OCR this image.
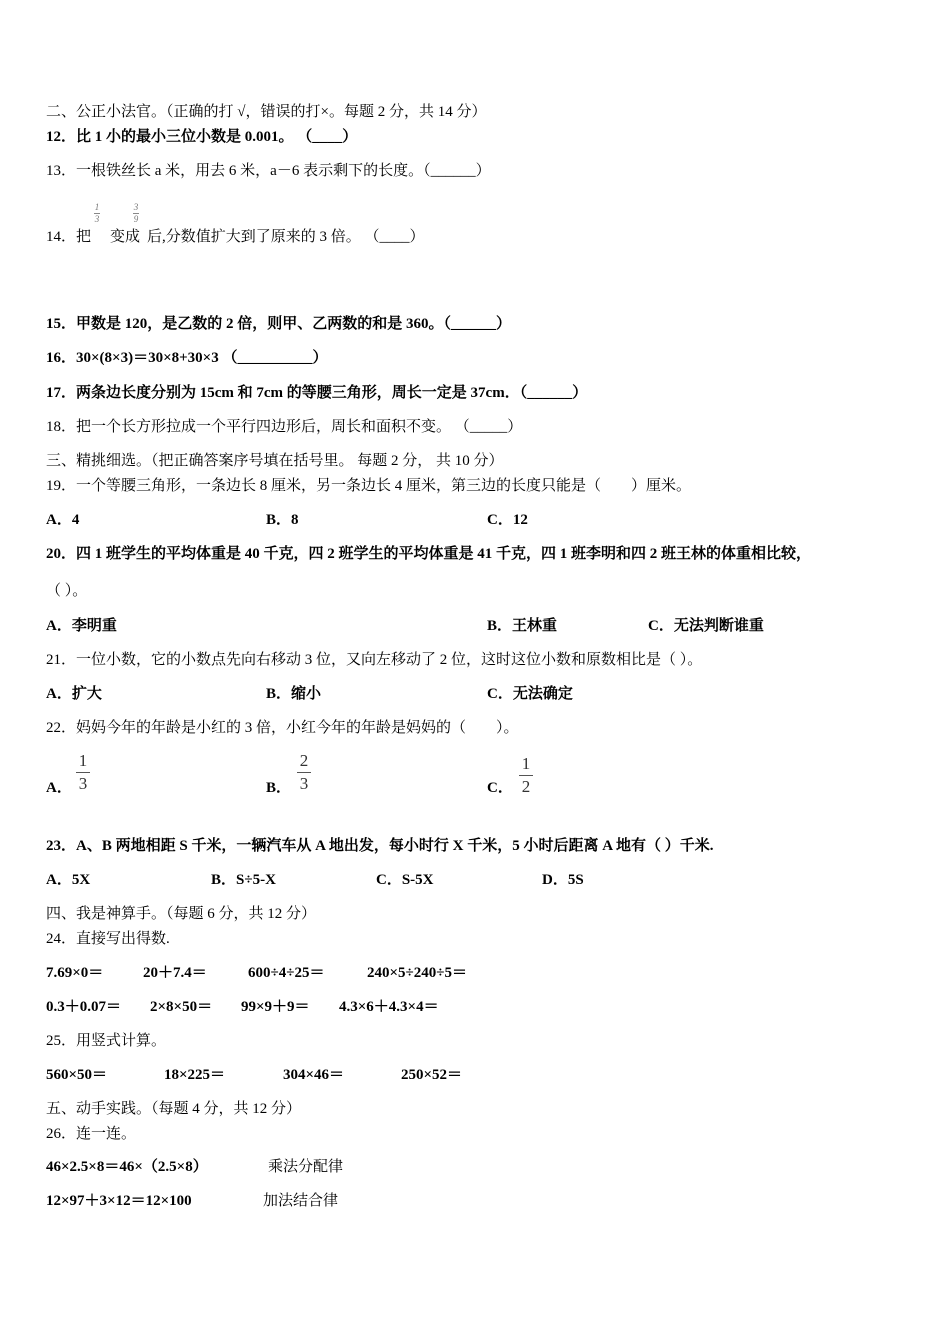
二、公正小法官。（正确的打 √，错误的打×。每题 2 分，共 14 分）
12．比 1 小的最小三位小数是 0.001。 （____）
13．一根铁丝长 a 米，用去 6 米，a－6 表示剩下的长度。（______）
14．把 变成 后,分数值扩大到了原来的 3 倍。 （____）
1
3
3
9
15．甲数是 120，是乙数的 2 倍，则甲、乙两数的和是 360。（______）
16．30×(8×3)＝30×8+30×3 （__________）
17．两条边长度分别为 15cm 和 7cm 的等腰三角形，周长一定是 37cm．（______）
18．把一个长方形拉成一个平行四边形后，周长和面积不变。 （_____）
三、精挑细选。（把正确答案序号填在括号里。 每题 2 分， 共 10 分）
19．一个等腰三角形，一条边长 8 厘米，另一条边长 4 厘米，第三边的长度只能是（　　）厘米。
A．4	B．8	C．12
20．四 1 班学生的平均体重是 40 千克，四 2 班学生的平均体重是 41 千克，四 1 班李明和四 2 班王林的体重相比较，
（ ）。
A．李明重	B．王林重	C．无法判断谁重
21．一位小数，它的小数点先向右移动 3 位，又向左移动了 2 位，这时这位小数和原数相比是（ ）。
A．扩大	B．缩小	C．无法确定
22．妈妈今年的年龄是小红的 3 倍，小红今年的年龄是妈妈的（　　）。
A．
1
3	B．
2
3	C．
1
2
23．A、B 两地相距 S 千米，一辆汽车从 A 地出发，每小时行 X 千米，5 小时后距离 A 地有（ ）千米.
A．5X	B．S÷5-X	C．S-5X	D．5S
四、我是神算手。（每题 6 分，共 12 分）
24．直接写出得数.
7.69×0＝	20＋7.4＝	600÷4÷25＝	240×5÷240÷5＝
0.3＋0.07＝ 2×8×50＝ 99×9＋9＝ 4.3×6＋4.3×4＝
25．用竖式计算。
560×50＝	18×225＝	304×46＝	250×52＝
五、动手实践。（每题 4 分，共 12 分）
26．连一连。
46×2.5×8＝46×（2.5×8）	乘法分配律
12×97＋3×12＝12×100	加法结合律
